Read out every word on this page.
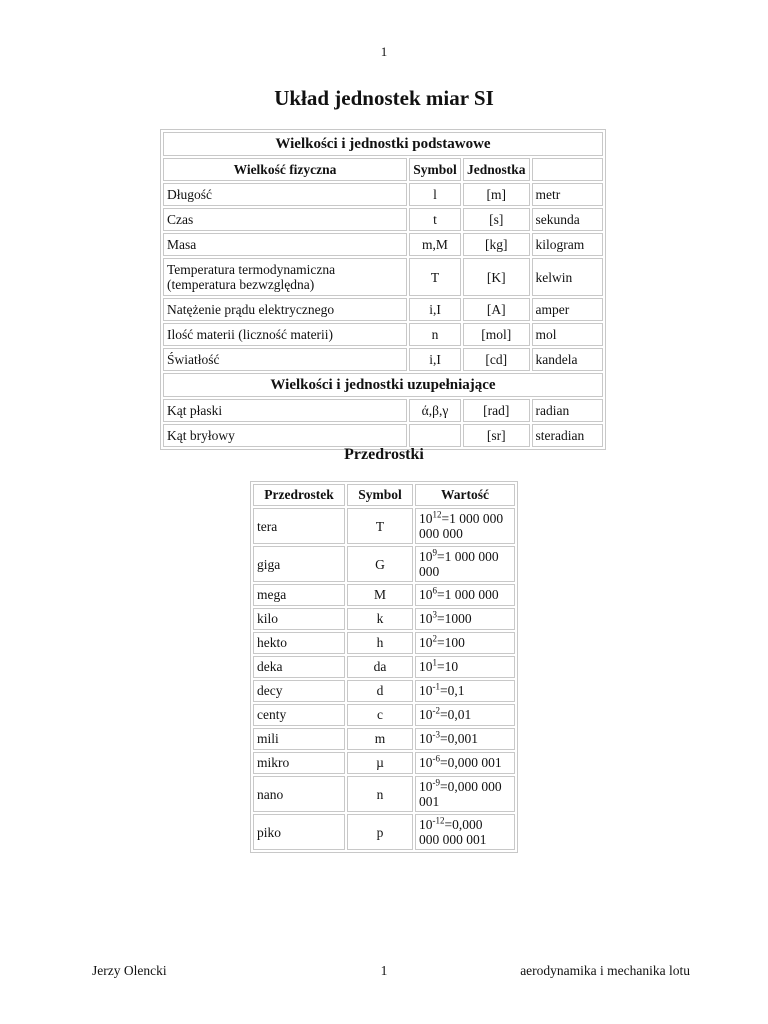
1
Układ jednostek miar SI
Wielkości i jednostki podstawowe			
Wielkość fizyczna	Symbol	Jednostka	
Długość	l	[m]	metr
Czas	t	[s]	sekunda
Masa	m,M	[kg]	kilogram
Temperatura termodynamiczna
(temperatura bezwzględna)	T	[K]	kelwin
Natężenie prądu elektrycznego	i,I	[A]	amper
Ilość materii (liczność materii)	n	[mol]	mol
Światłość	i,I	[cd]	kandela
Wielkości i jednostki uzupełniające			
Kąt płaski	ά,β,γ	[rad]	radian
Kąt bryłowy		[sr]	steradian
Przedrostki
Przedrostek	Symbol	Wartość
tera	T	$10^{12}=1$ 000 000
000 000
giga	G	$10^9=1$ 000 000
000
mega	M	$10^6=1$ 000 000
kilo	k	$10^3=1000$
hekto	h	$10^2=100$
deka	da	$10^1=10$
decy	d	$10^{-1}=0,1$
centy	c	$10^{-2}=0,01$
mili	m	$10^{-3}=0,001$
mikro	µ	$10^{-6}=0,000$ 001
nano	n	$10^{-9}=0,000$ 000
001
piko	p	$10^{-12}=0,000$
000 000 001
Jerzy Olencki	1	aerodynamika i mechanika lotu
